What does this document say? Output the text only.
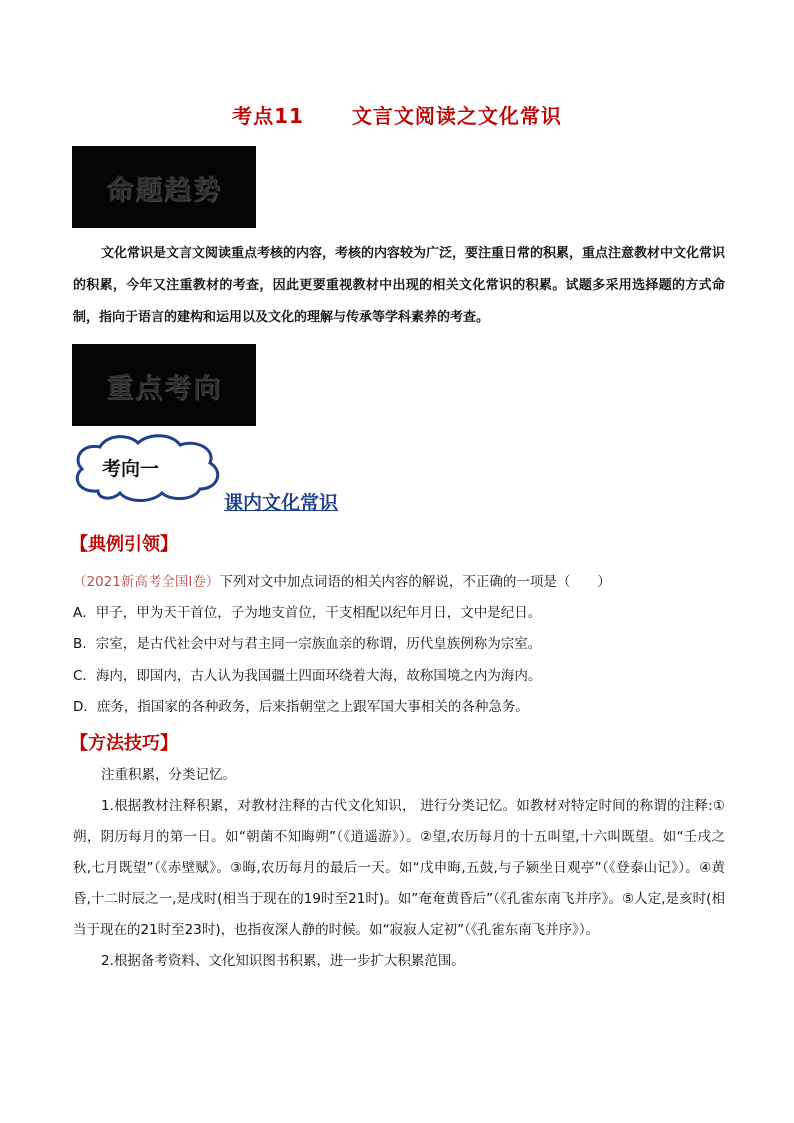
考点11 文言文阅读之文化常识
命题趋势
文化常识是文言文阅读重点考核的内容，考核的内容较为广泛，要注重日常的积累，重点注意教材中文化常识的积累，今年又注重教材的考查，因此更要重视教材中出现的相关文化常识的积累。试题多采用选择题的方式命制，指向于语言的建构和运用以及文化的理解与传承等学科素养的考查。
重点考向
考向一
课内文化常识
【典例引领】
（2021新高考全国Ⅰ卷）下列对文中加点词语的相关内容的解说，不正确的一项是（　　）
A．甲子，甲为天干首位，子为地支首位，干支相配以纪年月日，文中是纪日。
B．宗室，是古代社会中对与君主同一宗族血亲的称谓，历代皇族例称为宗室。
C．海内，即国内，古人认为我国疆土四面环绕着大海，故称国境之内为海内。
D．庶务，指国家的各种政务，后来指朝堂之上跟军国大事相关的各种急务。
【方法技巧】

注重积累，分类记忆。

1.根据教材注释积累，对教材注释的古代文化知识， 进行分类记忆。如教材对特定时间的称谓的注释:①朔，阴历每月的第一日。如“朝菌不知晦朔”（《逍遥游》）。②望,农历每月的十五叫望,十六叫既望。如“壬戌之秋,七月既望”（《赤壁赋》。③晦,农历每月的最后一天。如“戊申晦,五鼓,与子颍坐日观亭”（《登泰山记》）。④黄昏,十二时辰之一,是戌时(相当于现在的19时至21时)。如”奄奄黄昏后”（《孔雀东南飞并序》。⑤人定,是亥时(相当于现在的21时至23时)，也指夜深人静的时候。如“寂寂人定初”（《孔雀东南飞并序》）。

2.根据备考资料、文化知识图书积累，进一步扩大积累范围。
